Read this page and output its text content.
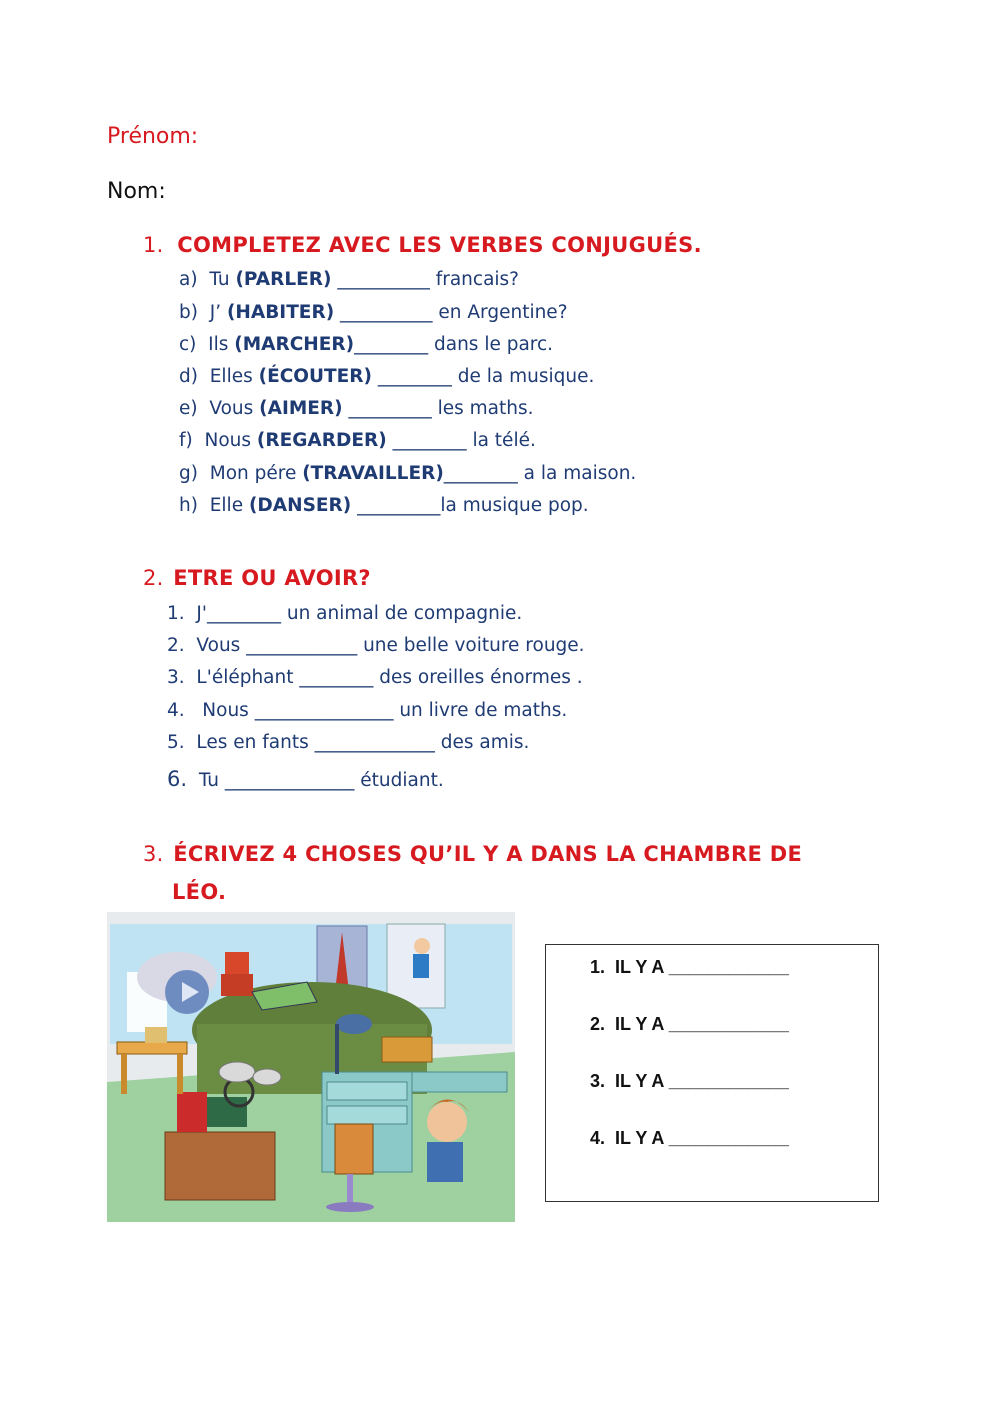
Prénom:
Nom:
1. COMPLETEZ AVEC LES VERBES CONJUGUÉS.
a) Tu (PARLER) __________ francais?
b) J’ (HABITER) __________ en Argentine?
c) Ils (MARCHER)________ dans le parc.
d) Elles (ÉCOUTER) ________ de la musique.
e) Vous (AIMER) _________ les maths.
f) Nous (REGARDER) ________ la télé.
g) Mon pére (TRAVAILLER)________ a la maison.
h) Elle (DANSER) _________la musique pop.
2. ETRE OU AVOIR?
1. J'________ un animal de compagnie.
2. Vous ____________ une belle voiture rouge.
3. L'éléphant ________ des oreilles énormes .
4.   Nous _______________ un livre de maths.
5. Les en fants _____________ des amis.
6. Tu ______________ étudiant.
3. ÉCRIVEZ 4 CHOSES QU’IL Y A DANS LA CHAMBRE DE
LÉO.
1. IL Y A ____________
2. IL Y A ____________
3. IL Y A ____________
4. IL Y A ____________
